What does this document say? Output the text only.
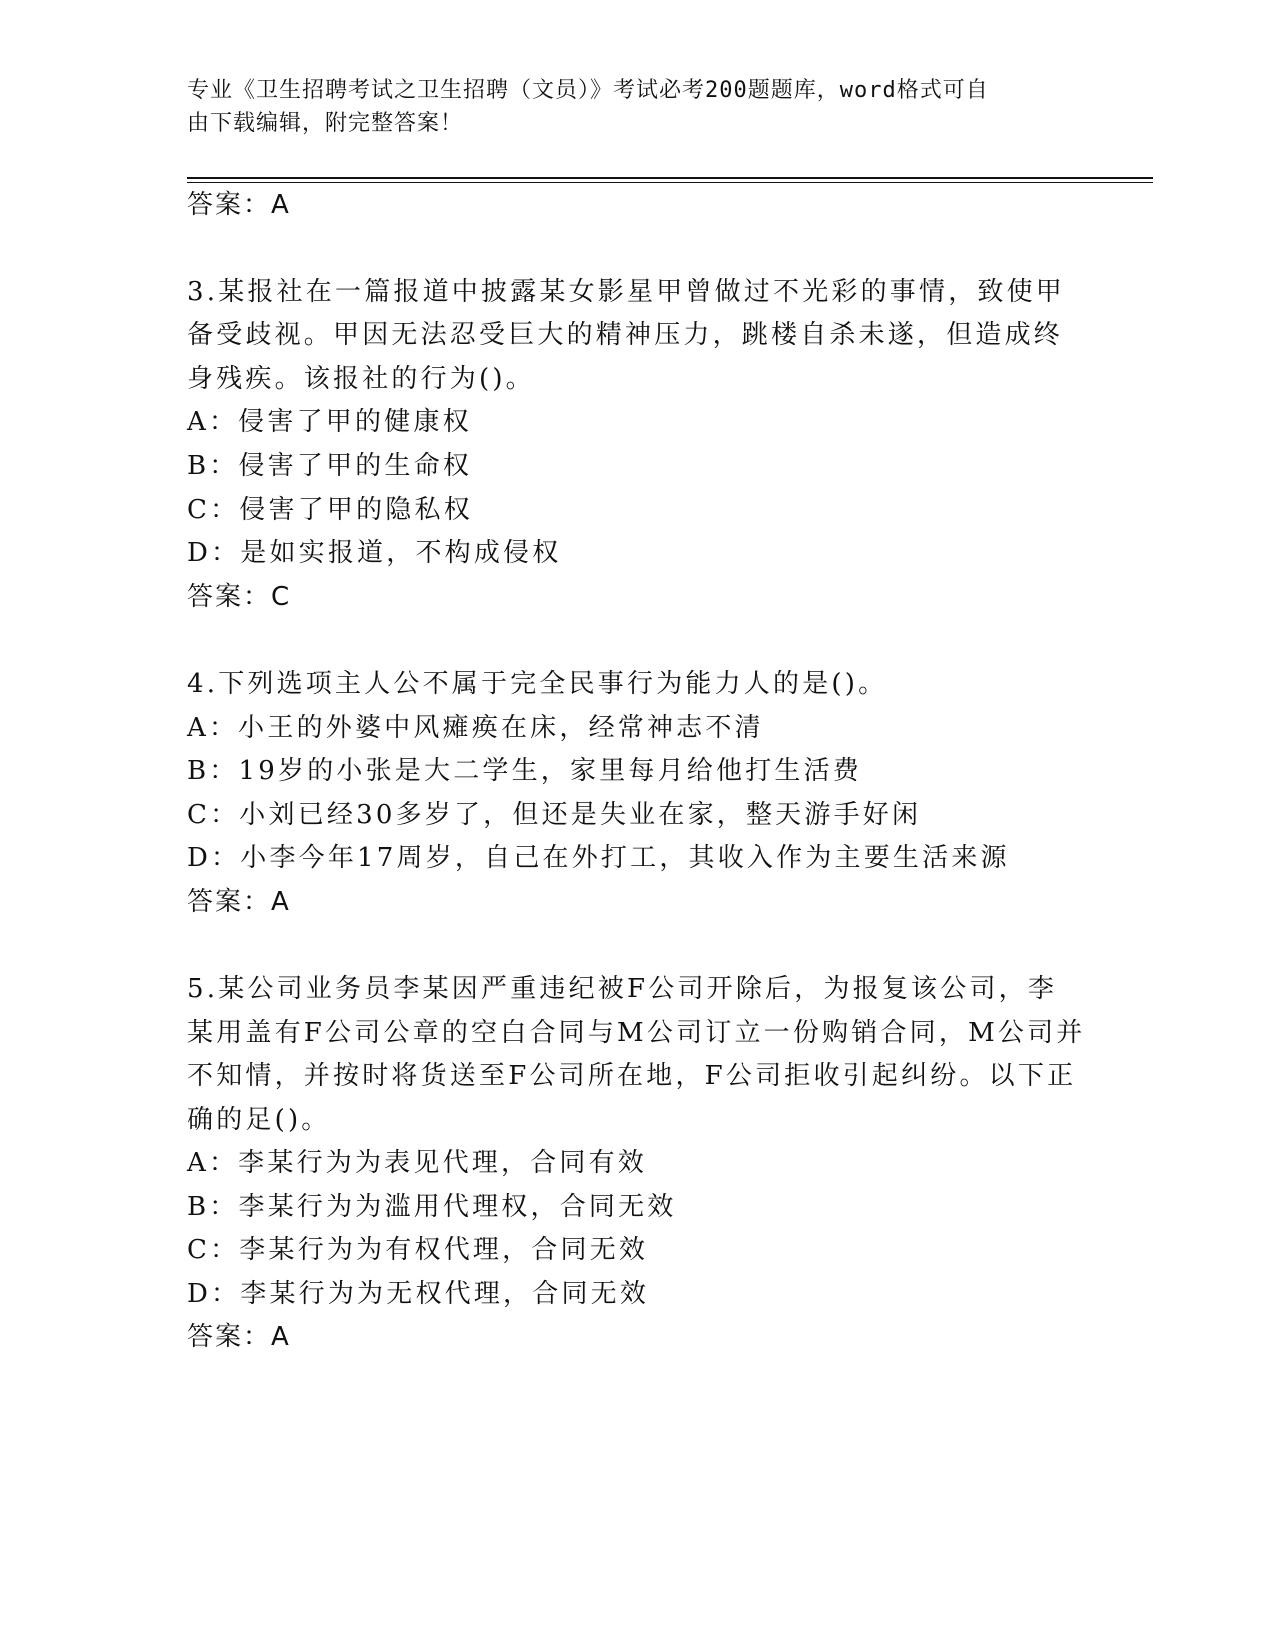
专业《卫生招聘考试之卫生招聘（文员）》考试必考200题题库，word格式可自
由下载编辑，附完整答案！
答案：A
3.某报社在一篇报道中披露某女影星甲曾做过不光彩的事情，致使甲
备受歧视。甲因无法忍受巨大的精神压力，跳楼自杀未遂，但造成终
身残疾。该报社的行为()。
A：侵害了甲的健康权
B：侵害了甲的生命权
C：侵害了甲的隐私权
D：是如实报道，不构成侵权
答案：C
4.下列选项主人公不属于完全民事行为能力人的是()。
A：小王的外婆中风瘫痪在床，经常神志不清
B：19岁的小张是大二学生，家里每月给他打生活费
C：小刘已经30多岁了，但还是失业在家，整天游手好闲
D：小李今年17周岁，自己在外打工，其收入作为主要生活来源
答案：A
5.某公司业务员李某因严重违纪被F公司开除后，为报复该公司，李
某用盖有F公司公章的空白合同与M公司订立一份购销合同，M公司并
不知情，并按时将货送至F公司所在地，F公司拒收引起纠纷。以下正
确的足()。
A：李某行为为表见代理，合同有效
B：李某行为为滥用代理权，合同无效
C：李某行为为有权代理，合同无效
D：李某行为为无权代理，合同无效
答案：A
